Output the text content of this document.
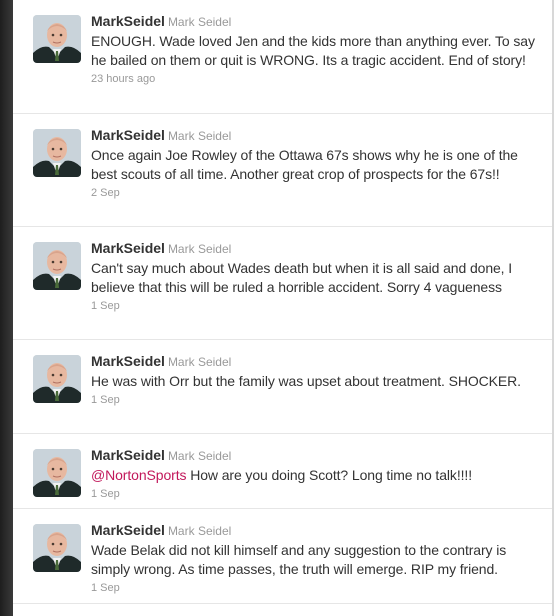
MarkSeidel Mark Seidel
ENOUGH. Wade loved Jen and the kids more than anything ever. To say he bailed on them or quit is WRONG. Its a tragic accident. End of story!
23 hours ago
MarkSeidel Mark Seidel
Once again Joe Rowley of the Ottawa 67s shows why he is one of the best scouts of all time. Another great crop of prospects for the 67s!!
2 Sep
MarkSeidel Mark Seidel
Can't say much about Wades death but when it is all said and done, I believe that this will be ruled a horrible accident. Sorry 4 vagueness
1 Sep
MarkSeidel Mark Seidel
He was with Orr but the family was upset about treatment. SHOCKER.
1 Sep
MarkSeidel Mark Seidel
@NortonSports How are you doing Scott? Long time no talk!!!!
1 Sep
MarkSeidel Mark Seidel
Wade Belak did not kill himself and any suggestion to the contrary is simply wrong. As time passes, the truth will emerge. RIP my friend.
1 Sep
